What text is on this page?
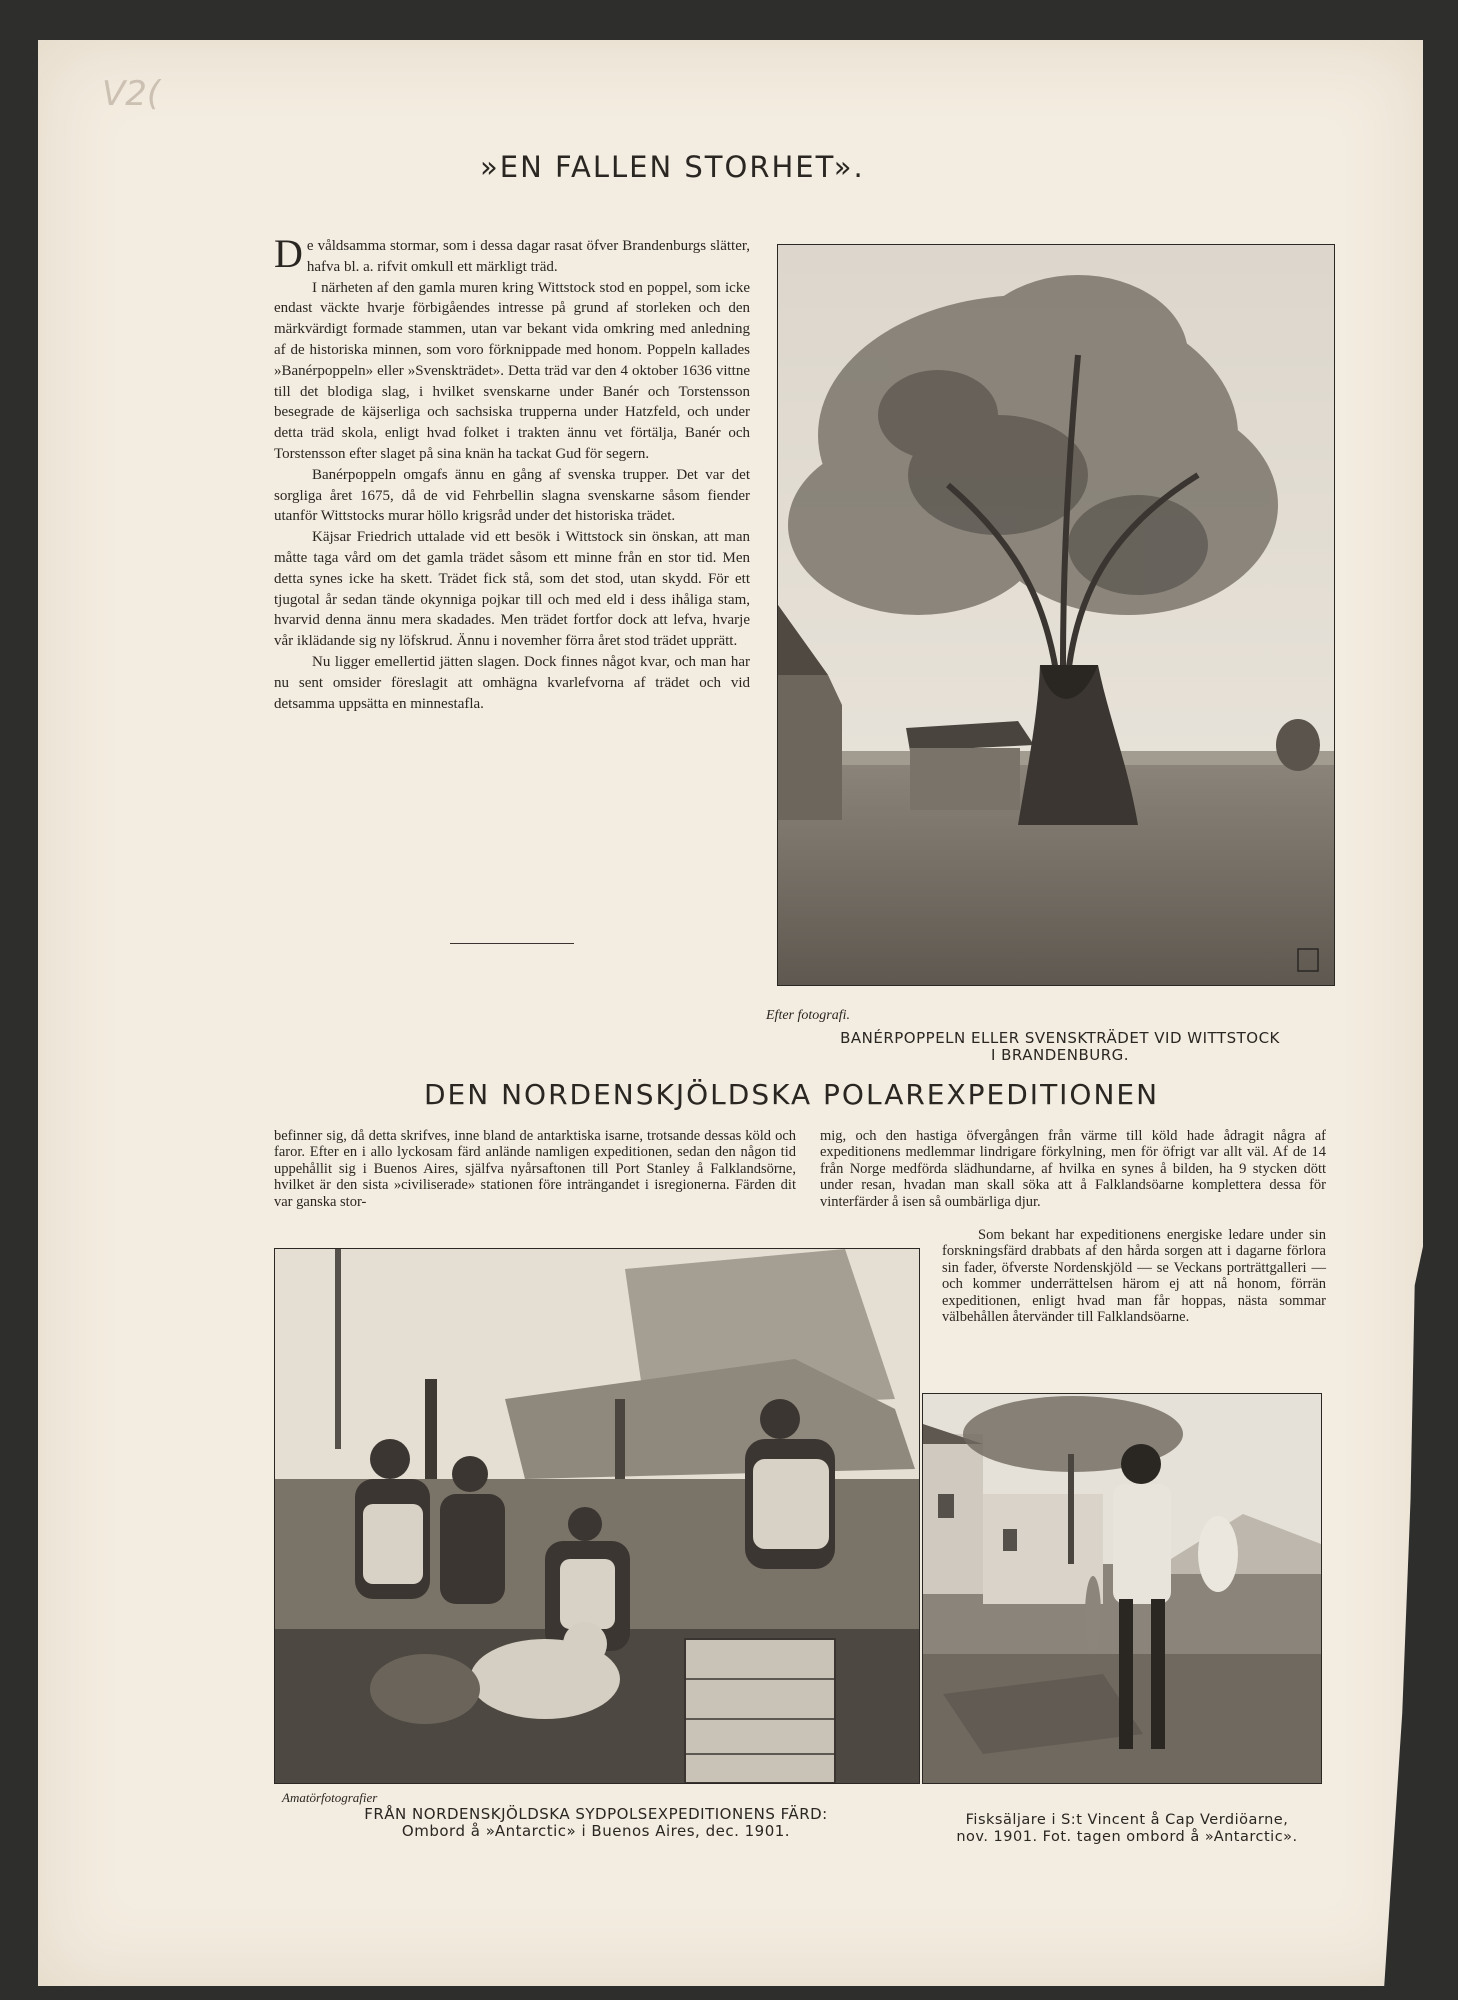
V2(
»EN FALLEN STORHET».

De våldsamma stormar, som i dessa dagar rasat öfver Brandenburgs slätter, hafva bl. a. rifvit omkull ett märkligt träd.

I närheten af den gamla muren kring Wittstock stod en poppel, som icke endast väckte hvarje förbigåendes intresse på grund af storleken och den märkvärdigt formade stammen, utan var bekant vida omkring med anledning af de historiska minnen, som voro förknippade med honom. Poppeln kallades »Banérpoppeln» eller »Svenskträdet». Detta träd var den 4 oktober 1636 vittne till det blodiga slag, i hvilket svenskarne under Banér och Torstensson besegrade de käjserliga och sachsiska trupperna under Hatzfeld, och under detta träd skola, enligt hvad folket i trakten ännu vet förtälja, Banér och Torstensson efter slaget på sina knän ha tackat Gud för segern.

Banérpoppeln omgafs ännu en gång af svenska trupper. Det var det sorgliga året 1675, då de vid Fehrbellin slagna svenskarne såsom fiender utanför Wittstocks murar höllo krigsråd under det historiska trädet.

Käjsar Friedrich uttalade vid ett besök i Wittstock sin önskan, att man måtte taga vård om det gamla trädet såsom ett minne från en stor tid. Men detta synes icke ha skett. Trädet fick stå, som det stod, utan skydd. För ett tjugotal år sedan tände okynniga pojkar till och med eld i dess ihåliga stam, hvarvid denna ännu mera skadades. Men trädet fortfor dock att lefva, hvarje vår iklädande sig ny löfskrud. Ännu i novemher förra året stod trädet upprätt.

Nu ligger emellertid jätten slagen. Dock finnes något kvar, och man har nu sent omsider föreslagit att omhägna kvarlefvorna af trädet och vid detsamma uppsätta en minnestafla.

Efter fotografi.
BANÉRPOPPELN ELLER SVENSKTRÄDET VID WITTSTOCK
I BRANDENBURG.
DEN NORDENSKJÖLDSKA POLAREXPEDITIONEN

befinner sig, då detta skrifves, inne bland de antarktiska isarne, trotsande dessas köld och faror. Efter en i allo lyckosam färd anlände namligen expeditionen, sedan den någon tid uppehållit sig i Buenos Aires, själfva nyårsaftonen till Port Stanley å Falklandsörne, hvilket är den sista »civiliserade» stationen före inträngandet i isregionerna. Färden dit var ganska stor-

mig, och den hastiga öfvergången från värme till köld hade ådragit några af expeditionens medlemmar lindrigare förkylning, men för öfrigt var allt väl. Af de 14 från Norge medförda slädhundarne, af hvilka en synes å bilden, ha 9 stycken dött under resan, hvadan man skall söka att å Falklandsöarne komplettera dessa för vinterfärder å isen så oumbärliga djur.

Som bekant har expeditionens energiske ledare under sin forskningsfärd drabbats af den hårda sorgen att i dagarne förlora sin fader, öfverste Nordenskjöld — se Veckans porträttgalleri — och kommer underrättelsen härom ej att nå honom, förrän expeditionen, enligt hvad man får hoppas, nästa sommar välbehållen återvänder till Falklandsöarne.

Amatörfotografier
FRÅN NORDENSKJÖLDSKA SYDPOLSEXPEDITIONENS FÄRD:
Ombord å »Antarctic» i Buenos Aires, dec. 1901.
Fisksäljare i S:t Vincent å Cap Verdiöarne,
nov. 1901. Fot. tagen ombord å »Antarctic».
